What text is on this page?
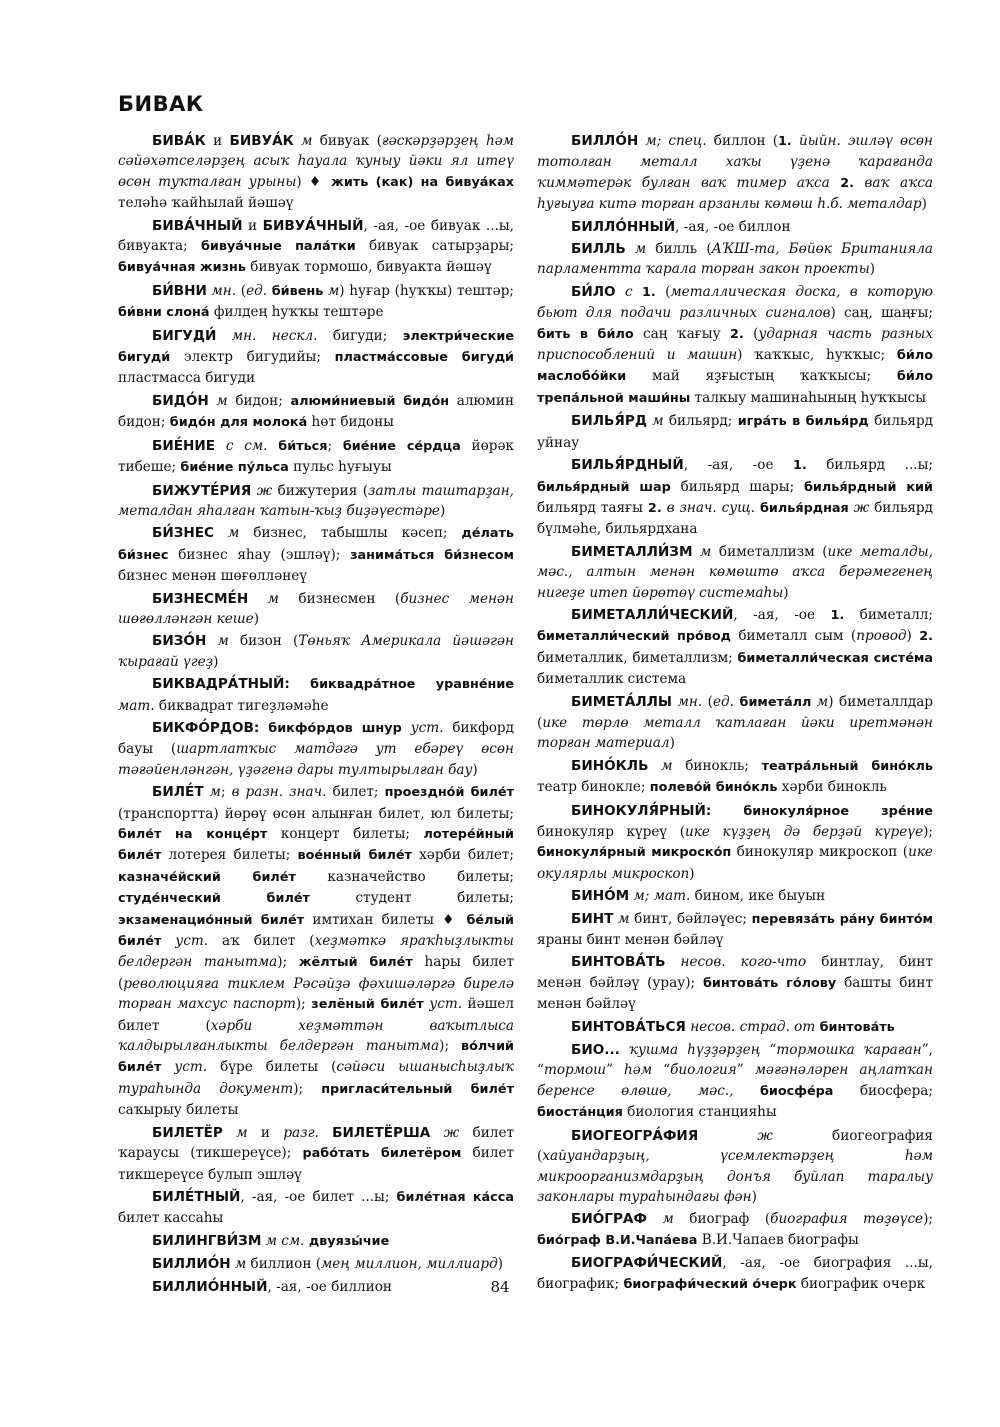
БИВАК

БИВА́К и БИВУА́К м бивуак (ғәскәрҙәрҙең һәм сәйәхәтселәрҙең асыҡ һауала ҡуныу йәки ял итеү өсөн туҡталған урыны) ♦ жить (как) на бивуа́ках теләһә ҡайһылай йәшәү

БИВА́ЧНЫЙ и БИВУА́ЧНЫЙ, -ая, -ое бивуак ...ы, бивуакта; бивуа́чные пала́тки бивуак сатырҙары; бивуа́чная жизнь бивуак тормошо, бивуакта йәшәү

БИ́ВНИ мн. (ед. би́вень м) һуғар (һуҡҡы) тештәр; би́вни слона́ филдең һуҡҡы тештәре

БИГУДИ́ мн. нескл. бигуди; электри́ческие бигуди́ электр бигудийы; пластма́ссовые бигуди́ пластмасса бигуди

БИДО́Н м бидон; алюми́ниевый бидо́н алюмин бидон; бидо́н для молока́ һөт бидоны

БИЕ́НИЕ с см. би́ться; бие́ние се́рдца йөрәк тибеше; бие́ние пу́льса пульс һуғыуы

БИЖУТЕ́РИЯ ж бижутерия (затлы таштарҙан, металдан яһалған ҡатын-ҡыҙ биҙәүестәре)

БИ́ЗНЕС м бизнес, табышлы кәсеп; де́лать би́знес бизнес яһау (эшләү); занима́ться би́знесом бизнес менән шөғөлләнеү

БИЗНЕСМЕ́Н м бизнесмен (бизнес менән шөғөлләнгән кеше)

БИЗО́Н м бизон (Төньяҡ Америкала йәшәгән ҡырағай үгеҙ)

БИКВАДРА́ТНЫЙ: биквадра́тное уравне́ние мат. биквадрат тигеҙләмәһе

БИКФО́РДОВ: бикфо́рдов шнур уст. бикфорд бауы (шартлатҡыс матдәгә ут ебәреү өсөн тәғәйенләнгән, үҙәгенә дары тултырылған бау)

БИЛЕ́Т м; в разн. знач. билет; проездно́й биле́т (транспортта) йөрөү өсөн алынған билет, юл билеты; биле́т на конце́рт концерт билеты; лотере́йный биле́т лотерея билеты; вое́нный биле́т хәрби билет; казначе́йский биле́т казначейство билеты; студе́нческий биле́т студент билеты; экзаменацио́нный биле́т имтихан билеты ♦ бе́лый биле́т уст. аҡ билет (хеҙмәткә яраҡһыҙлыкты белдергән танытма); жёлтый биле́т һары билет (революцияға тиклем Рәсәйҙә фәхишәләргә бирелә торған махсус паспорт); зелёный биле́т уст. йәшел билет (хәрби хеҙмәттән ваҡытлыса ҡалдырылғанлыкты белдергән танытма); во́лчий биле́т уст. бүре билеты (сәйәси ышанысһыҙлыҡ тураһында документ); пригласи́тельный биле́т саҡырыу билеты

БИЛЕТЁР м и разг. БИЛЕТЁРША ж билет ҡараусы (тикшереүсе); рабо́тать билетёром билет тикшереүсе булып эшләү

БИЛЕ́ТНЫЙ, -ая, -ое билет ...ы; биле́тная ка́сса билет кассаһы

БИЛИНГВИ́ЗМ м см. двуязы́чие

БИЛЛИО́Н м биллион (мең миллион, миллиард)

БИЛЛИО́ННЫЙ, -ая, -ое биллион

БИЛЛО́Н м; спец. биллон (1. йыйн. эшләү өсөн тотолған металл хаҡы үҙенә ҡарағанда ҡиммәтерәк булған ваҡ тимер аҡса 2. ваҡ аҡса һуғыуға китә торған арзанлы көмөш һ.б. металдар)

БИЛЛО́ННЫЙ, -ая, -ое биллон

БИЛЛЬ м билль (АҠШ-та, Бөйөк Британияла парламентта ҡарала торған закон проекты)

БИ́ЛО с 1. (металлическая доска, в которую бьют для подачи различных сигналов) саң, шаңғы; бить в би́ло саң ҡағыу 2. (ударная часть разных приспособлений и машин) ҡаҡҡыс, һуҡҡыс; би́ло маслобо́йки май яҙғыстың ҡаҡҡысы; би́ло трепа́льной маши́ны талкыу машинаһының һуҡҡысы

БИЛЬЯ́РД м бильярд; игра́ть в билья́рд бильярд уйнау

БИЛЬЯ́РДНЫЙ, -ая, -ое 1. бильярд ...ы; билья́рдный шар бильярд шары; билья́рдный кий бильярд таяғы 2. в знач. сущ. билья́рдная ж бильярд бүлмәһе, бильярдхана

БИМЕТАЛЛИ́ЗМ м биметаллизм (ике металды, мәс., алтын менән көмөштө аҡса берәмегенең нигеҙе итеп йөрөтөү системаһы)

БИМЕТАЛЛИ́ЧЕСКИЙ, -ая, -ое 1. биметалл; биметалли́ческий про́вод биметалл сым (провод) 2. биметаллик, биметаллизм; биметалли́ческая систе́ма биметаллик система

БИМЕТА́ЛЛЫ мн. (ед. бимета́лл м) биметаллдар (ике төрлө металл ҡатлаған йәки иретмәнән торған материал)

БИНО́КЛЬ м бинокль; театра́льный бино́кль театр бинокле; полево́й бино́кль хәрби бинокль

БИНОКУЛЯ́РНЫЙ:	бинокуля́рное зре́ние бинокуляр күреү (ике күҙҙең дә берҙәй күреүе); бинокуля́рный микроско́п бинокуляр микроскоп (ике окулярлы микроскоп)

БИНО́М м; мат. бином, ике быуын

БИНТ м бинт, бәйләүес; перевяза́ть ра́ну бинто́м яраны бинт менән бәйләү

БИНТОВА́ТЬ несов. кого-что бинтлау, бинт менән бәйләү (урау); бинтова́ть го́лову башты бинт менән бәйләү

БИНТОВА́ТЬСЯ несов. страд. от бинтова́ть

БИО... ҡушма һүҙҙәрҙең “тормошка ҡараған”, “тормош” һәм “биология” мәғәнәләрен аңлатҡан беренсе өлөшө, мәс., биосфе́ра биосфера; биоста́нция биология станцияһы

БИОГЕОГРА́ФИЯ ж биогеография (хайуандарҙың, үсемлектәрҙең һәм микроорганизмдарҙың донъя буйлап таралыу законлары тураһындағы фән)

БИО́ГРАФ м биограф (биография төҙөүсе); био́граф В.И.Чапа́ева В.И.Чапаев биографы

БИОГРАФИ́ЧЕСКИЙ, -ая, -ое биография ...ы, биографик; биографи́ческий о́черк биографик очерк

84
